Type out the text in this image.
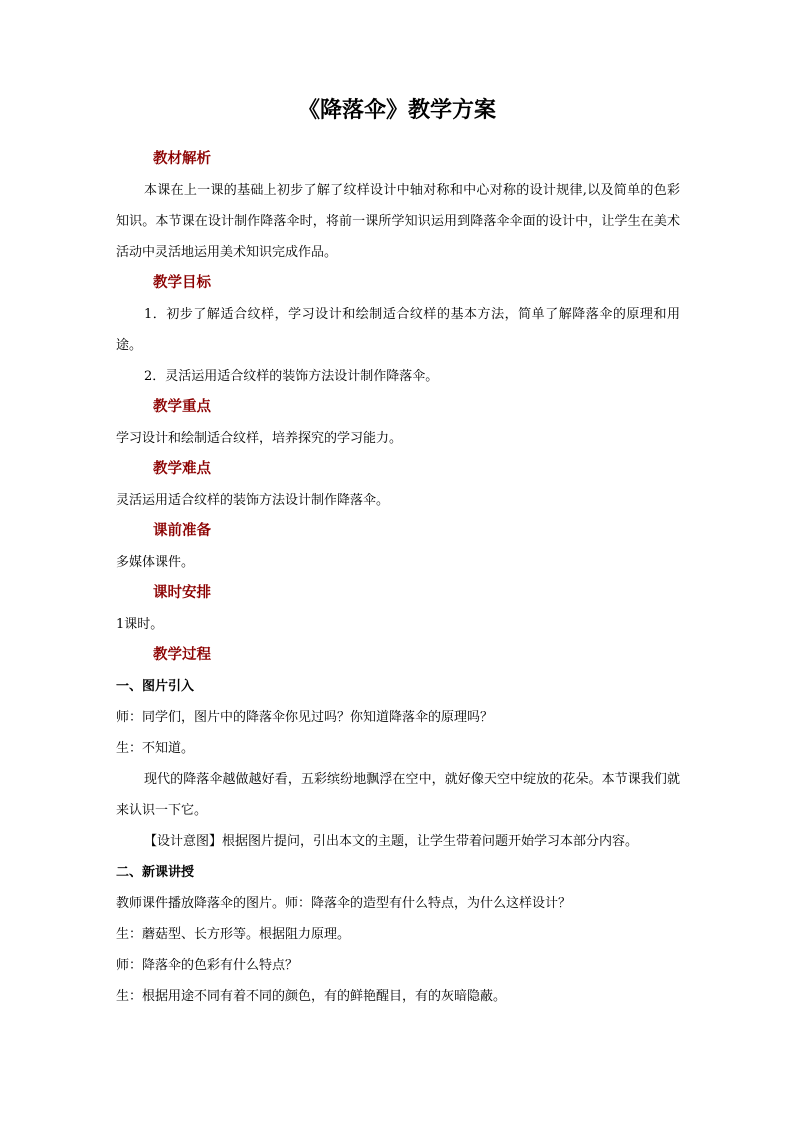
《降落伞》教学方案

教材解析

本课在上一课的基础上初步了解了纹样设计中轴对称和中心对称的设计规律,以及简单的色彩知识。本节课在设计制作降落伞时，将前一课所学知识运用到降落伞伞面的设计中，让学生在美术活动中灵活地运用美术知识完成作品。

教学目标

1．初步了解适合纹样，学习设计和绘制适合纹样的基本方法，简单了解降落伞的原理和用途。

2．灵活运用适合纹样的装饰方法设计制作降落伞。

教学重点

学习设计和绘制适合纹样，培养探究的学习能力。

教学难点

灵活运用适合纹样的装饰方法设计制作降落伞。

课前准备

多媒体课件。

课时安排

1课时。

教学过程

一、图片引入

师：同学们，图片中的降落伞你见过吗？你知道降落伞的原理吗？

生：不知道。

现代的降落伞越做越好看，五彩缤纷地飘浮在空中，就好像天空中绽放的花朵。本节课我们就来认识一下它。

【设计意图】根据图片提问，引出本文的主题，让学生带着问题开始学习本部分内容。

二、新课讲授

教师课件播放降落伞的图片。师：降落伞的造型有什么特点，为什么这样设计？

生：蘑菇型、长方形等。根据阻力原理。

师：降落伞的色彩有什么特点？

生：根据用途不同有着不同的颜色，有的鲜艳醒目，有的灰暗隐蔽。
